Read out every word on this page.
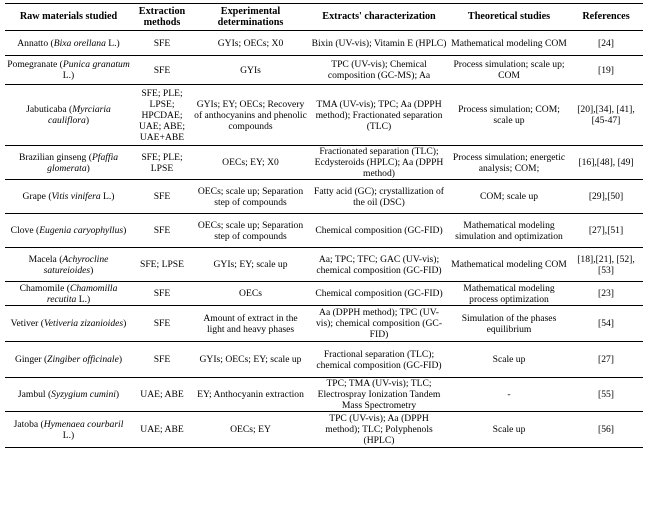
Raw materials studied	Extraction methods	Experimental determinations	Extracts' characterization	Theoretical studies	References
Annatto (Bixa orellana L.)	SFE	GYIs; OECs; X0	Bixin (UV-vis); Vitamin E (HPLC)	Mathematical modeling COM	[24]
Pomegranate (Punica granatum L.)	SFE	GYIs	TPC (UV-vis); Chemical composition (GC-MS); Aa	Process simulation; scale up; COM	[19]
Jabuticaba (Myrciaria cauliflora)	SFE; PLE; LPSE; HPCDAE; UAE; ABE; UAE+ABE	GYIs; EY; OECs; Recovery of anthocyanins and phenolic compounds	TMA (UV-vis); TPC; Aa (DPPH method); Fractionated separation (TLC)	Process simulation; COM; scale up	[20],[34], [41],[45-47]
Brazilian ginseng (Pfaffia glomerata)	SFE; PLE; LPSE	OECs; EY; X0	Fractionated separation (TLC); Ecdysteroids (HPLC); Aa (DPPH method)	Process simulation; energetic analysis; COM;	[16],[48], [49]
Grape (Vitis vinifera L.)	SFE	OECs; scale up; Separation step of compounds	Fatty acid (GC); crystallization of the oil (DSC)	COM; scale up	[29],[50]
Clove (Eugenia caryophyllus)	SFE	OECs; scale up; Separation step of compounds	Chemical composition (GC-FID)	Mathematical modeling simulation and optimization	[27],[51]
Macela (Achyrocline satureioides)	SFE; LPSE	GYIs; EY; scale up	Aa; TPC; TFC; GAC (UV-vis); chemical composition (GC-FID)	Mathematical modeling COM	[18],[21], [52],[53]
Chamomile (Chamomilla recutita L.)	SFE	OECs	Chemical composition (GC-FID)	Mathematical modeling process optimization	[23]
Vetiver (Vetiveria zizanioides)	SFE	Amount of extract in the light and heavy phases	Aa (DPPH method); TPC (UV-vis); chemical composition (GC-FID)	Simulation of the phases equilibrium	[54]
Ginger (Zingiber officinale)	SFE	GYIs; OECs; EY; scale up	Fractional separation (TLC); chemical composition (GC-FID)	Scale up	[27]
Jambul (Syzygium cumini)	UAE; ABE	EY; Anthocyanin extraction	TPC; TMA (UV-vis); TLC; Electrospray Ionization Tandem Mass Spectrometry	-	[55]
Jatoba (Hymenaea courbaril L.)	UAE; ABE	OECs; EY	TPC (UV-vis); Aa (DPPH method); TLC; Polyphenols (HPLC)	Scale up	[56]
